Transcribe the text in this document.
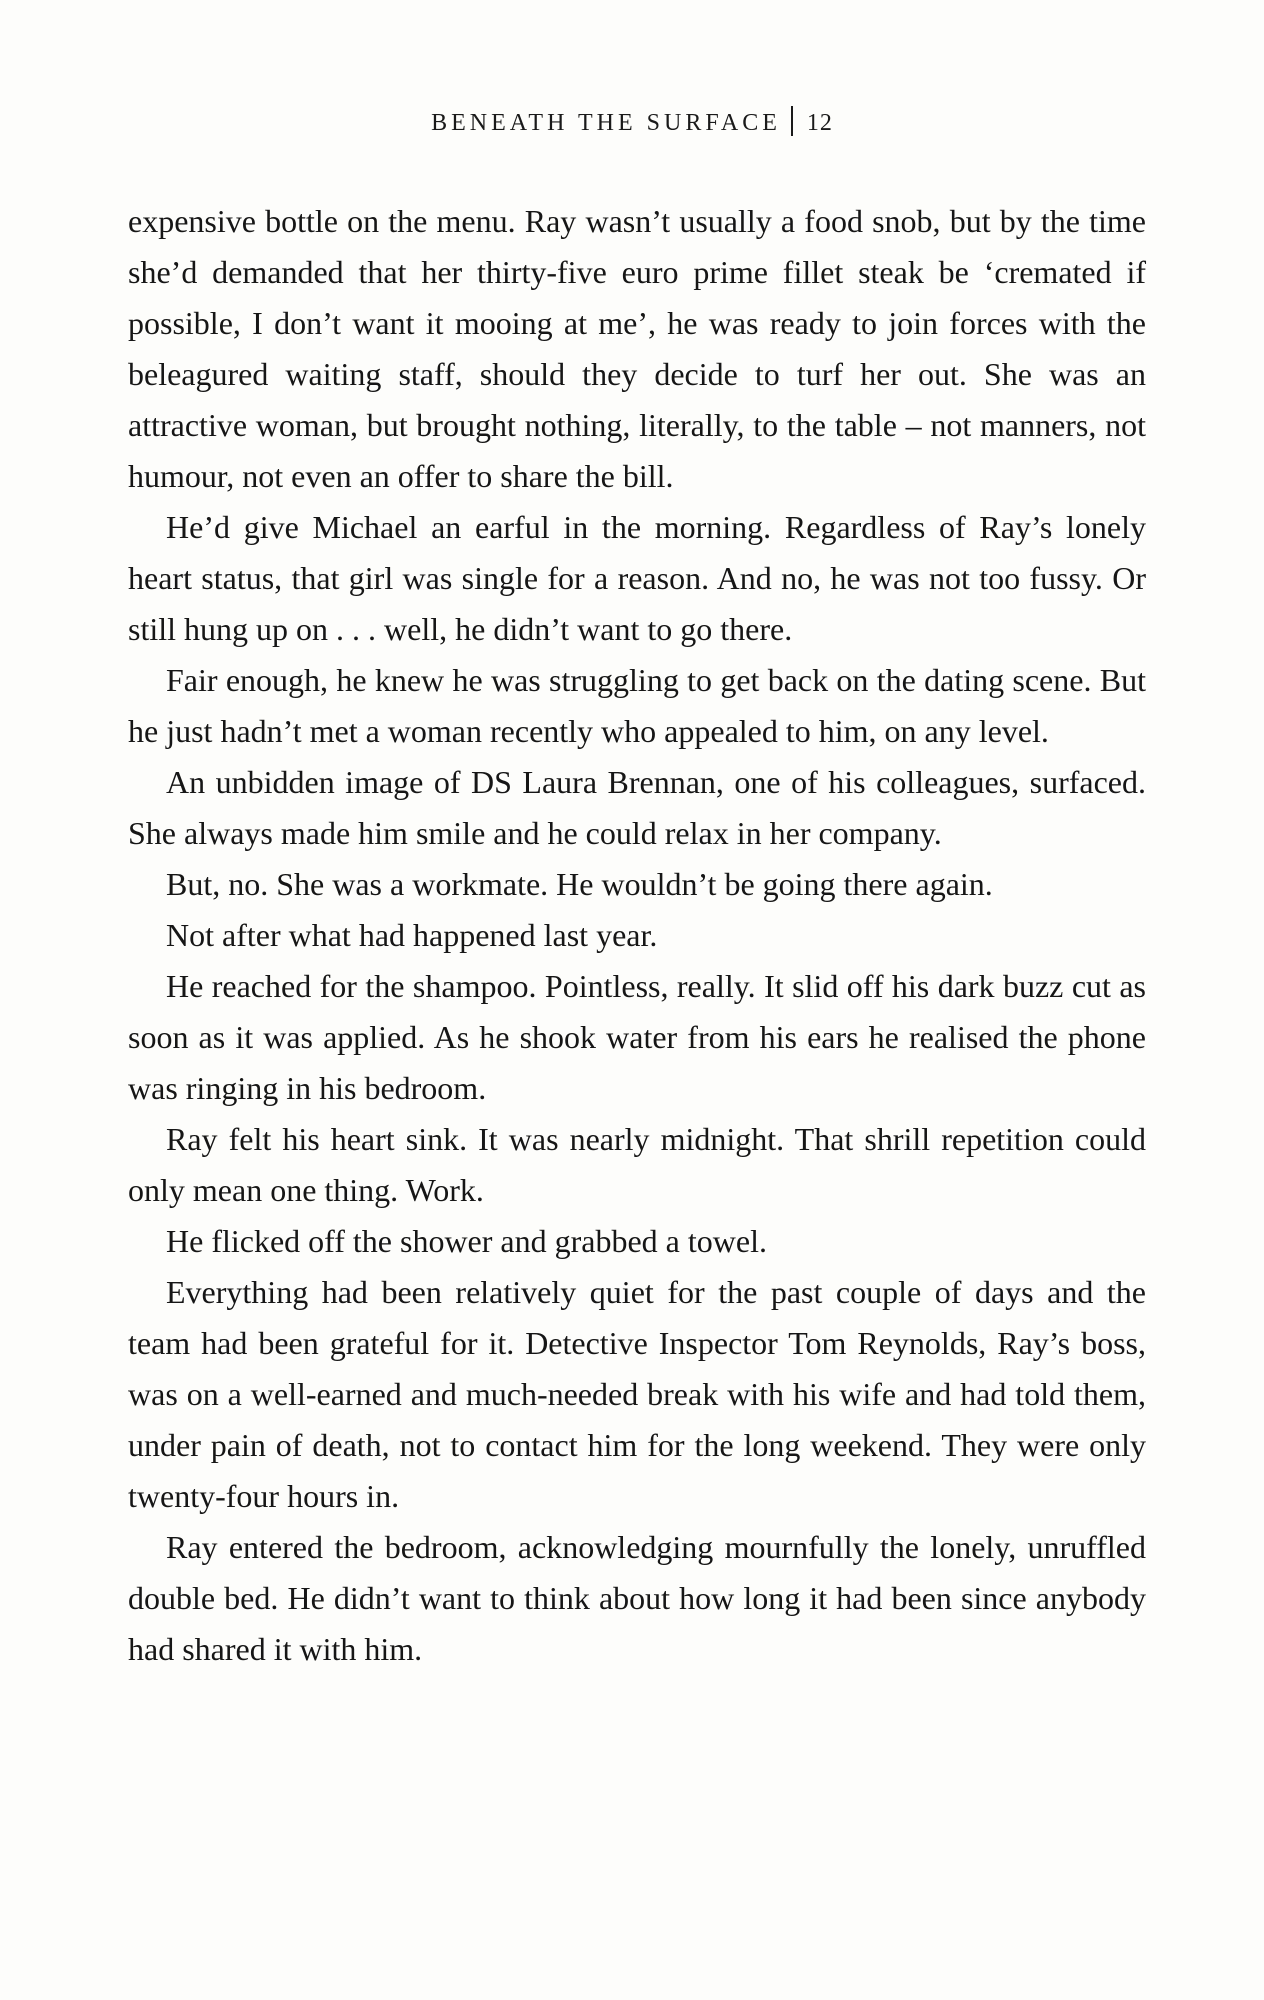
BENEATH THE SURFACE 12

expensive bottle on the menu. Ray wasn’t usually a food snob, but by the time she’d demanded that her thirty-five euro prime fillet steak be ‘cremated if possible, I don’t want it mooing at me’, he was ready to join forces with the beleagured waiting staff, should they decide to turf her out. She was an attractive woman, but brought nothing, literally, to the table – not manners, not humour, not even an offer to share the bill.

He’d give Michael an earful in the morning. Regardless of Ray’s lonely heart status, that girl was single for a reason. And no, he was not too fussy. Or still hung up on . . . well, he didn’t want to go there.

Fair enough, he knew he was struggling to get back on the dating scene. But he just hadn’t met a woman recently who appealed to him, on any level.

An unbidden image of DS Laura Brennan, one of his colleagues, surfaced. She always made him smile and he could relax in her company.

But, no. She was a workmate. He wouldn’t be going there again.

Not after what had happened last year.

He reached for the shampoo. Pointless, really. It slid off his dark buzz cut as soon as it was applied. As he shook water from his ears he realised the phone was ringing in his bedroom.

Ray felt his heart sink. It was nearly midnight. That shrill repetition could only mean one thing. Work.

He flicked off the shower and grabbed a towel.

Everything had been relatively quiet for the past couple of days and the team had been grateful for it. Detective Inspector Tom Reynolds, Ray’s boss, was on a well-earned and much-needed break with his wife and had told them, under pain of death, not to contact him for the long weekend. They were only twenty-four hours in.

Ray entered the bedroom, acknowledging mournfully the lonely, unruffled double bed. He didn’t want to think about how long it had been since anybody had shared it with him.
